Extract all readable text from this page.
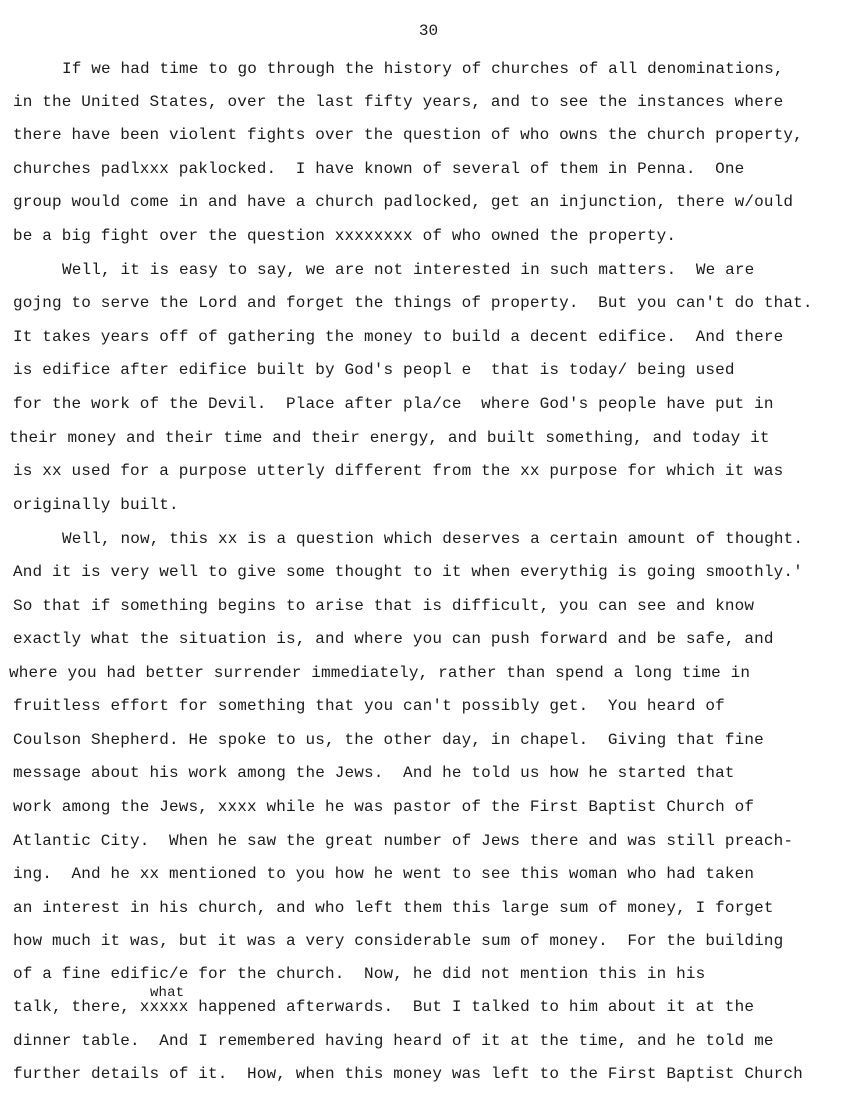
30
If we had time to go through the history of churches of all denominations,
in the United States, over the last fifty years, and to see the instances where
there have been violent fights over the question of who owns the church property,
churches padlxxx paklocked.  I have known of several of them in Penna.  One
group would come in and have a church padlocked, get an injunction, there w/ould
be a big fight over the question xxxxxxxx of who owned the property.
Well, it is easy to say, we are not interested in such matters.  We are
gojng to serve the Lord and forget the things of property.  But you can't do that.
It takes years off of gathering the money to build a decent edifice.  And there
is edifice after edifice built by God's peopl e  that is today/ being used
for the work of the Devil.  Place after pla/ce  where God's people have put in
their money and their time and their energy, and built something, and today it
is xx used for a purpose utterly different from the xx purpose for which it was
originally built.
Well, now, this xx is a question which deserves a certain amount of thought.
And it is very well to give some thought to it when everythig is going smoothly.'
So that if something begins to arise that is difficult, you can see and know
exactly what the situation is, and where you can push forward and be safe, and
where you had better surrender immediately, rather than spend a long time in
fruitless effort for something that you can't possibly get.  You heard of
Coulson Shepherd. He spoke to us, the other day, in chapel.  Giving that fine
message about his work among the Jews.  And he told us how he started that
work among the Jews, xxxx while he was pastor of the First Baptist Church of
Atlantic City.  When he saw the great number of Jews there and was still preach-
ing.  And he xx mentioned to you how he went to see this woman who had taken
an interest in his church, and who left them this large sum of money, I forget
how much it was, but it was a very considerable sum of money.  For the building
of a fine edific/e for the church.  Now, he did not mention this in his
what
talk, there, xxxxx happened afterwards.  But I talked to him about it at the
dinner table.  And I remembered having heard of it at the time, and he told me
further details of it.  How, when this money was left to the First Baptist Church
